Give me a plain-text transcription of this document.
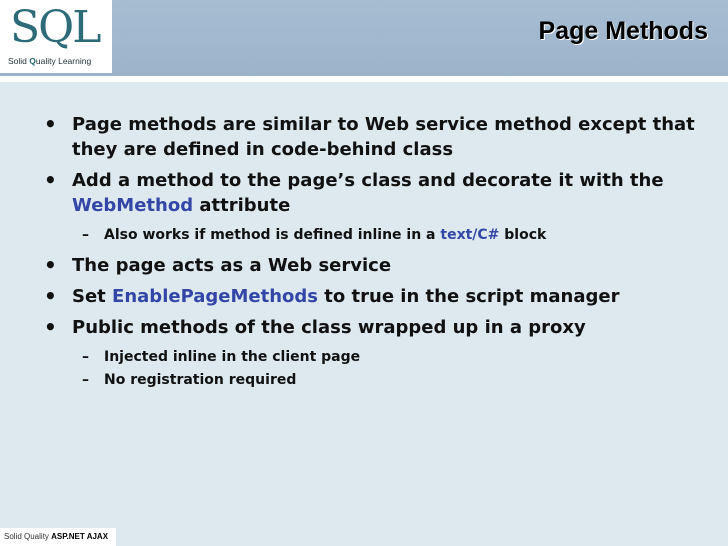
SQL
Solid Quality Learning
Page Methods
• Page methods are similar to Web service method except that they are defined in code-behind class
• Add a method to the page’s class and decorate it with the WebMethod attribute
– Also works if method is defined inline in a text/C# block
• The page acts as a Web service
• Set EnablePageMethods to true in the script manager
• Public methods of the class wrapped up in a proxy
– Injected inline in the client page
– No registration required
Solid Quality ASP.NET AJAX
